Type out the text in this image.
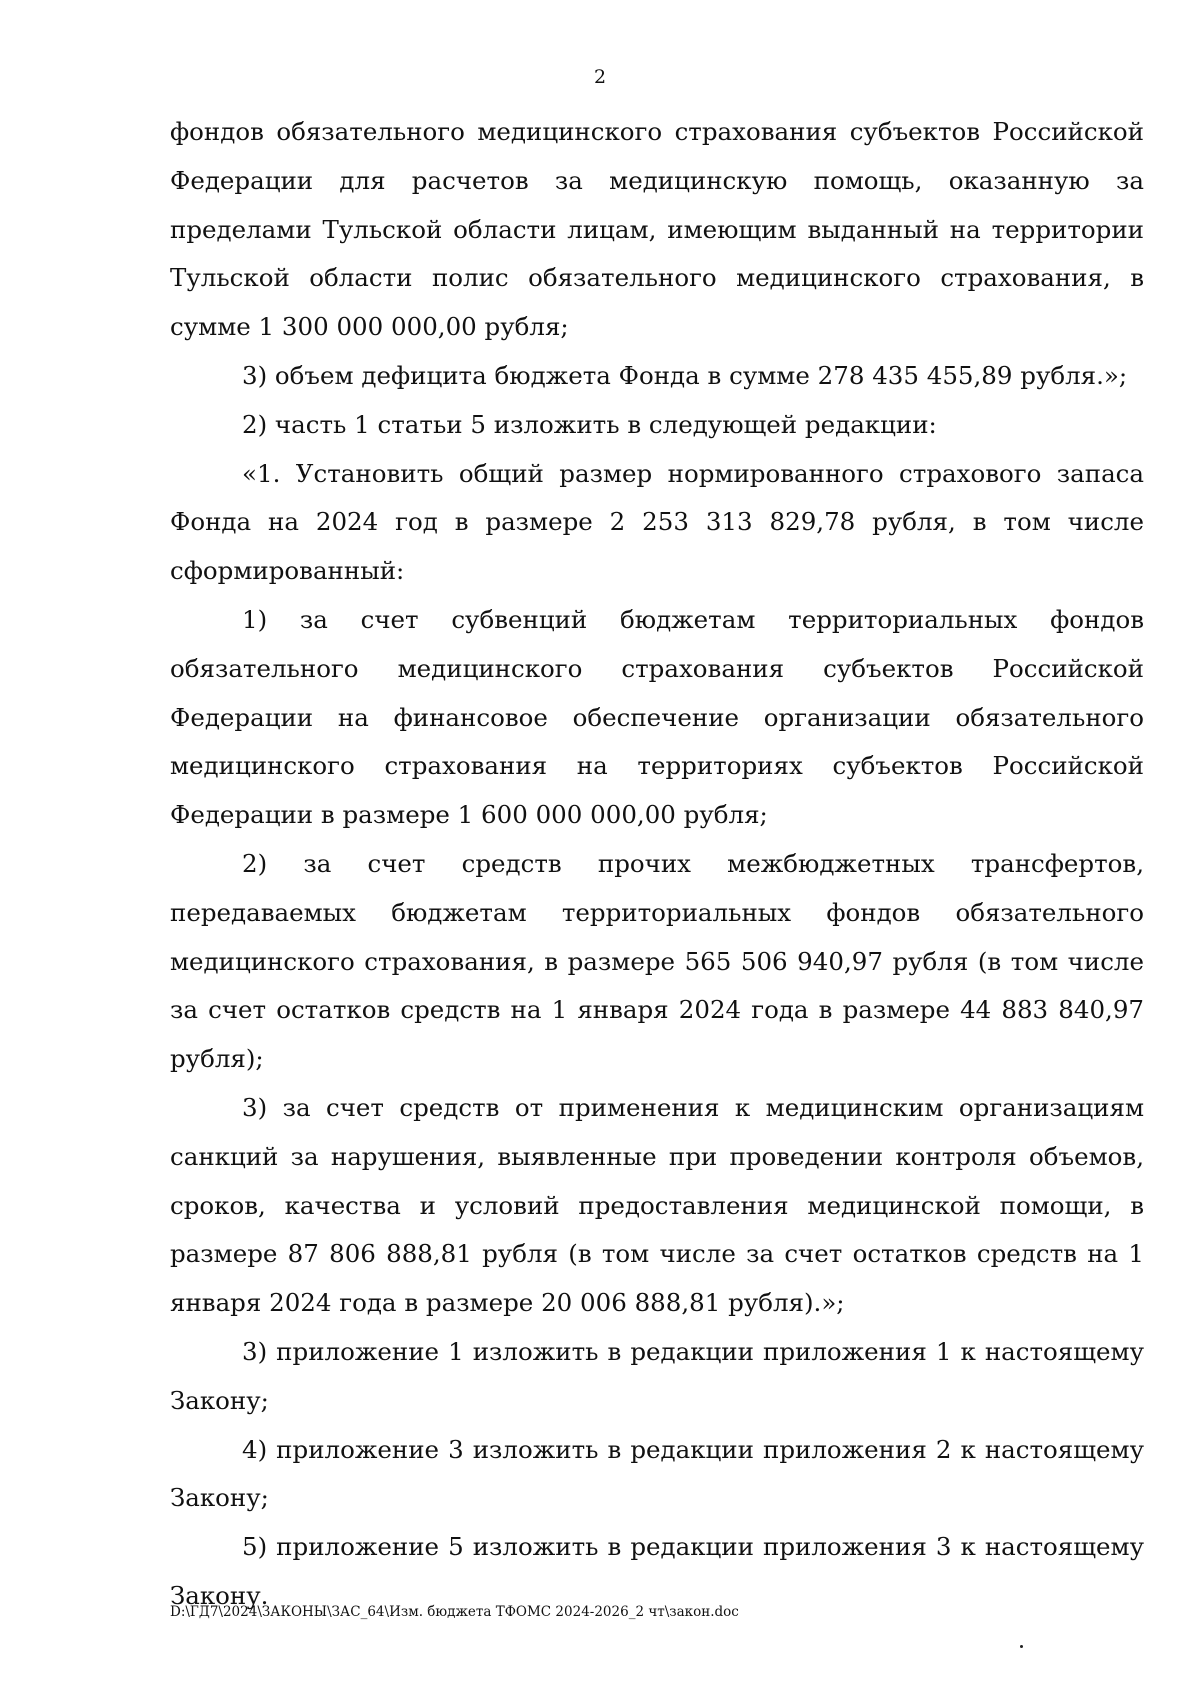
2

фондов обязательного медицинского страхования субъектов Российской Федерации для расчетов за медицинскую помощь, оказанную за пределами Тульской области лицам, имеющим выданный на территории Тульской области полис обязательного медицинского страхования, в сумме 1 300 000 000,00 рубля;

3) объем дефицита бюджета Фонда в сумме 278 435 455,89 рубля.»;

2) часть 1 статьи 5 изложить в следующей редакции:

«1. Установить общий размер нормированного страхового запаса Фонда на 2024 год в размере 2 253 313 829,78 рубля, в том числе сформированный:

1) за счет субвенций бюджетам территориальных фондов обязательного медицинского страхования субъектов Российской Федерации на финансовое обеспечение организации обязательного медицинского страхования на территориях субъектов Российской Федерации в размере 1 600 000 000,00 рубля;

2) за счет средств прочих межбюджетных трансфертов, передаваемых бюджетам территориальных фондов обязательного медицинского страхования, в размере 565 506 940,97 рубля (в том числе за счет остатков средств на 1 января 2024 года в размере 44 883 840,97 рубля);

3) за счет средств от применения к медицинским организациям санкций за нарушения, выявленные при проведении контроля объемов, сроков, качества и условий предоставления медицинской помощи, в размере 87 806 888,81 рубля (в том числе за счет остатков средств на 1 января 2024 года в размере 20 006 888,81 рубля).»;

3) приложение 1 изложить в редакции приложения 1 к настоящему Закону;

4) приложение 3 изложить в редакции приложения 2 к настоящему Закону;

5) приложение 5 изложить в редакции приложения 3 к настоящему Закону.

D:\ГД7\2024\ЗАКОНЫ\ЗАС_64\Изм. бюджета ТФОМС 2024-2026_2 чт\закон.doc
